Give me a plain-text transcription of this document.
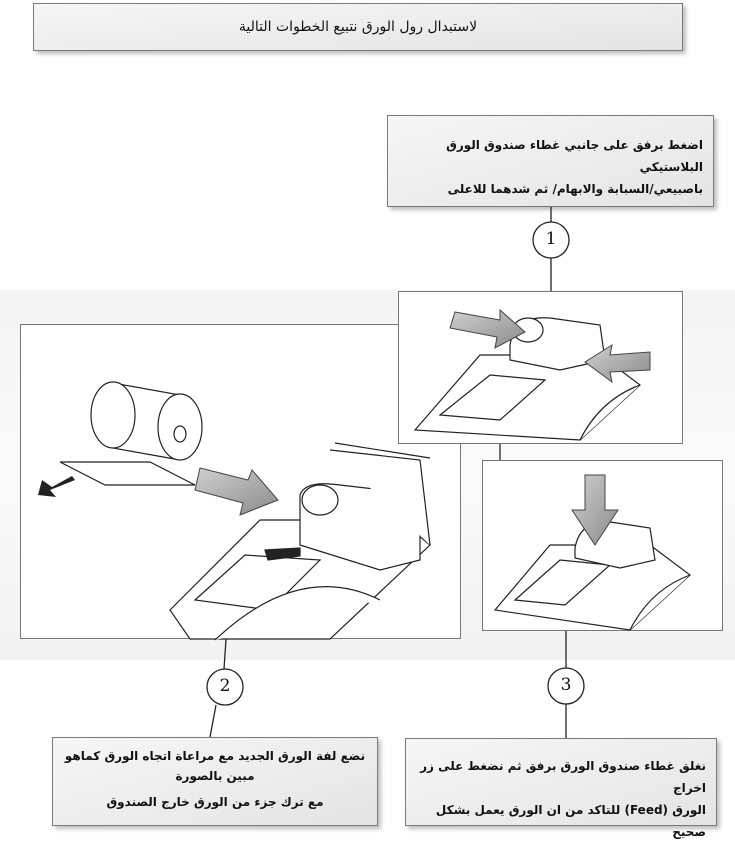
لاستبدال رول الورق نتبيع الخطوات التالية
اضغط برفق على جانبي غطاء صندوق الورق البلاستيكي
باصبيعي/السبابة والابهام/ ثم شدهما للاعلى
نضع لفة الورق الجديد مع مراعاة اتجاه الورق كماهو
مبين بالصورة
مع ترك جزء من الورق خارج الصندوق
نغلق غطاء صندوق الورق برفق ثم نضغط على زر اخراج
الورق (Feed) للتاكد من ان الورق يعمل بشكل صحيح
1
2	3
